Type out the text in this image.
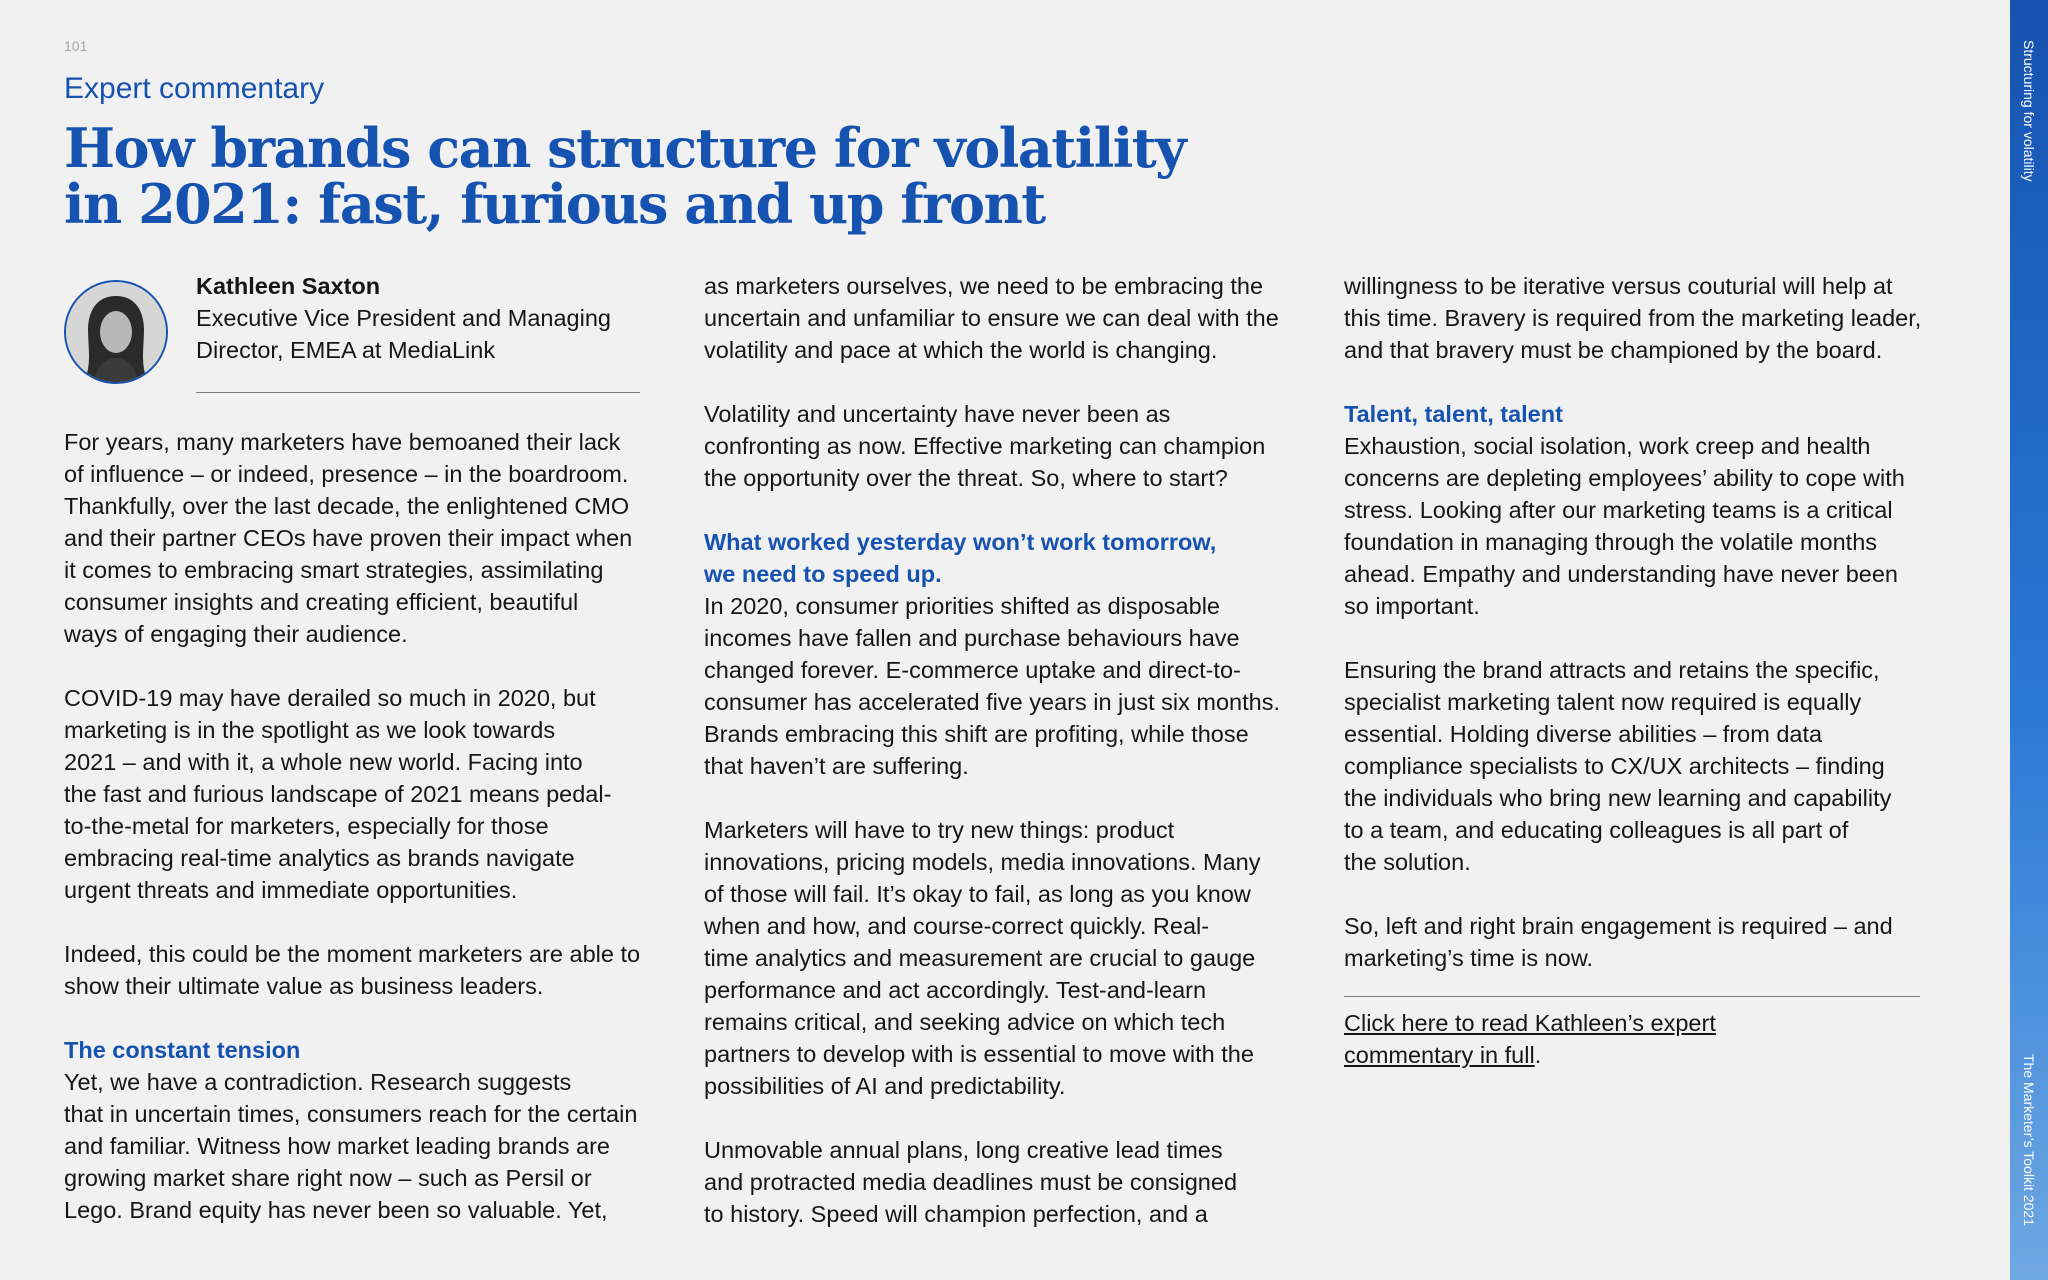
101
Expert commentary
How brands can structure for volatility
in 2021: fast, furious and up front
Kathleen Saxton
Executive Vice President and Managing
Director, EMEA at MediaLink

For years, many marketers have bemoaned their lack
of influence – or indeed, presence – in the boardroom.
Thankfully, over the last decade, the enlightened CMO
and their partner CEOs have proven their impact when
it comes to embracing smart strategies, assimilating
consumer insights and creating efficient, beautiful
ways of engaging their audience.

COVID-19 may have derailed so much in 2020, but
marketing is in the spotlight as we look towards
2021 – and with it, a whole new world. Facing into
the fast and furious landscape of 2021 means pedal-
to-the-metal for marketers, especially for those
embracing real-time analytics as brands navigate
urgent threats and immediate opportunities.

Indeed, this could be the moment marketers are able to
show their ultimate value as business leaders.

The constant tension

Yet, we have a contradiction. Research suggests
that in uncertain times, consumers reach for the certain
and familiar. Witness how market leading brands are
growing market share right now – such as Persil or
Lego. Brand equity has never been so valuable. Yet,

as marketers ourselves, we need to be embracing the
uncertain and unfamiliar to ensure we can deal with the
volatility and pace at which the world is changing.

Volatility and uncertainty have never been as
confronting as now. Effective marketing can champion
the opportunity over the threat. So, where to start?

What worked yesterday won’t work tomorrow,
we need to speed up.

In 2020, consumer priorities shifted as disposable
incomes have fallen and purchase behaviours have
changed forever. E-commerce uptake and direct-to-
consumer has accelerated five years in just six months.
Brands embracing this shift are profiting, while those
that haven’t are suffering.

Marketers will have to try new things: product
innovations, pricing models, media innovations. Many
of those will fail. It’s okay to fail, as long as you know
when and how, and course-correct quickly. Real-
time analytics and measurement are crucial to gauge
performance and act accordingly. Test-and-learn
remains critical, and seeking advice on which tech
partners to develop with is essential to move with the
possibilities of AI and predictability.

Unmovable annual plans, long creative lead times
and protracted media deadlines must be consigned
to history. Speed will champion perfection, and a

willingness to be iterative versus couturial will help at
this time. Bravery is required from the marketing leader,
and that bravery must be championed by the board.

Talent, talent, talent

Exhaustion, social isolation, work creep and health
concerns are depleting employees’ ability to cope with
stress. Looking after our marketing teams is a critical
foundation in managing through the volatile months
ahead. Empathy and understanding have never been
so important.

Ensuring the brand attracts and retains the specific,
specialist marketing talent now required is equally
essential. Holding diverse abilities – from data
compliance specialists to CX/UX architects – finding
the individuals who bring new learning and capability
to a team, and educating colleagues is all part of
the solution.

So, left and right brain engagement is required – and
marketing’s time is now.

Click here to read Kathleen’s expert
commentary in full.

Structuring for volatility
The Marketer’s Toolkit 2021
